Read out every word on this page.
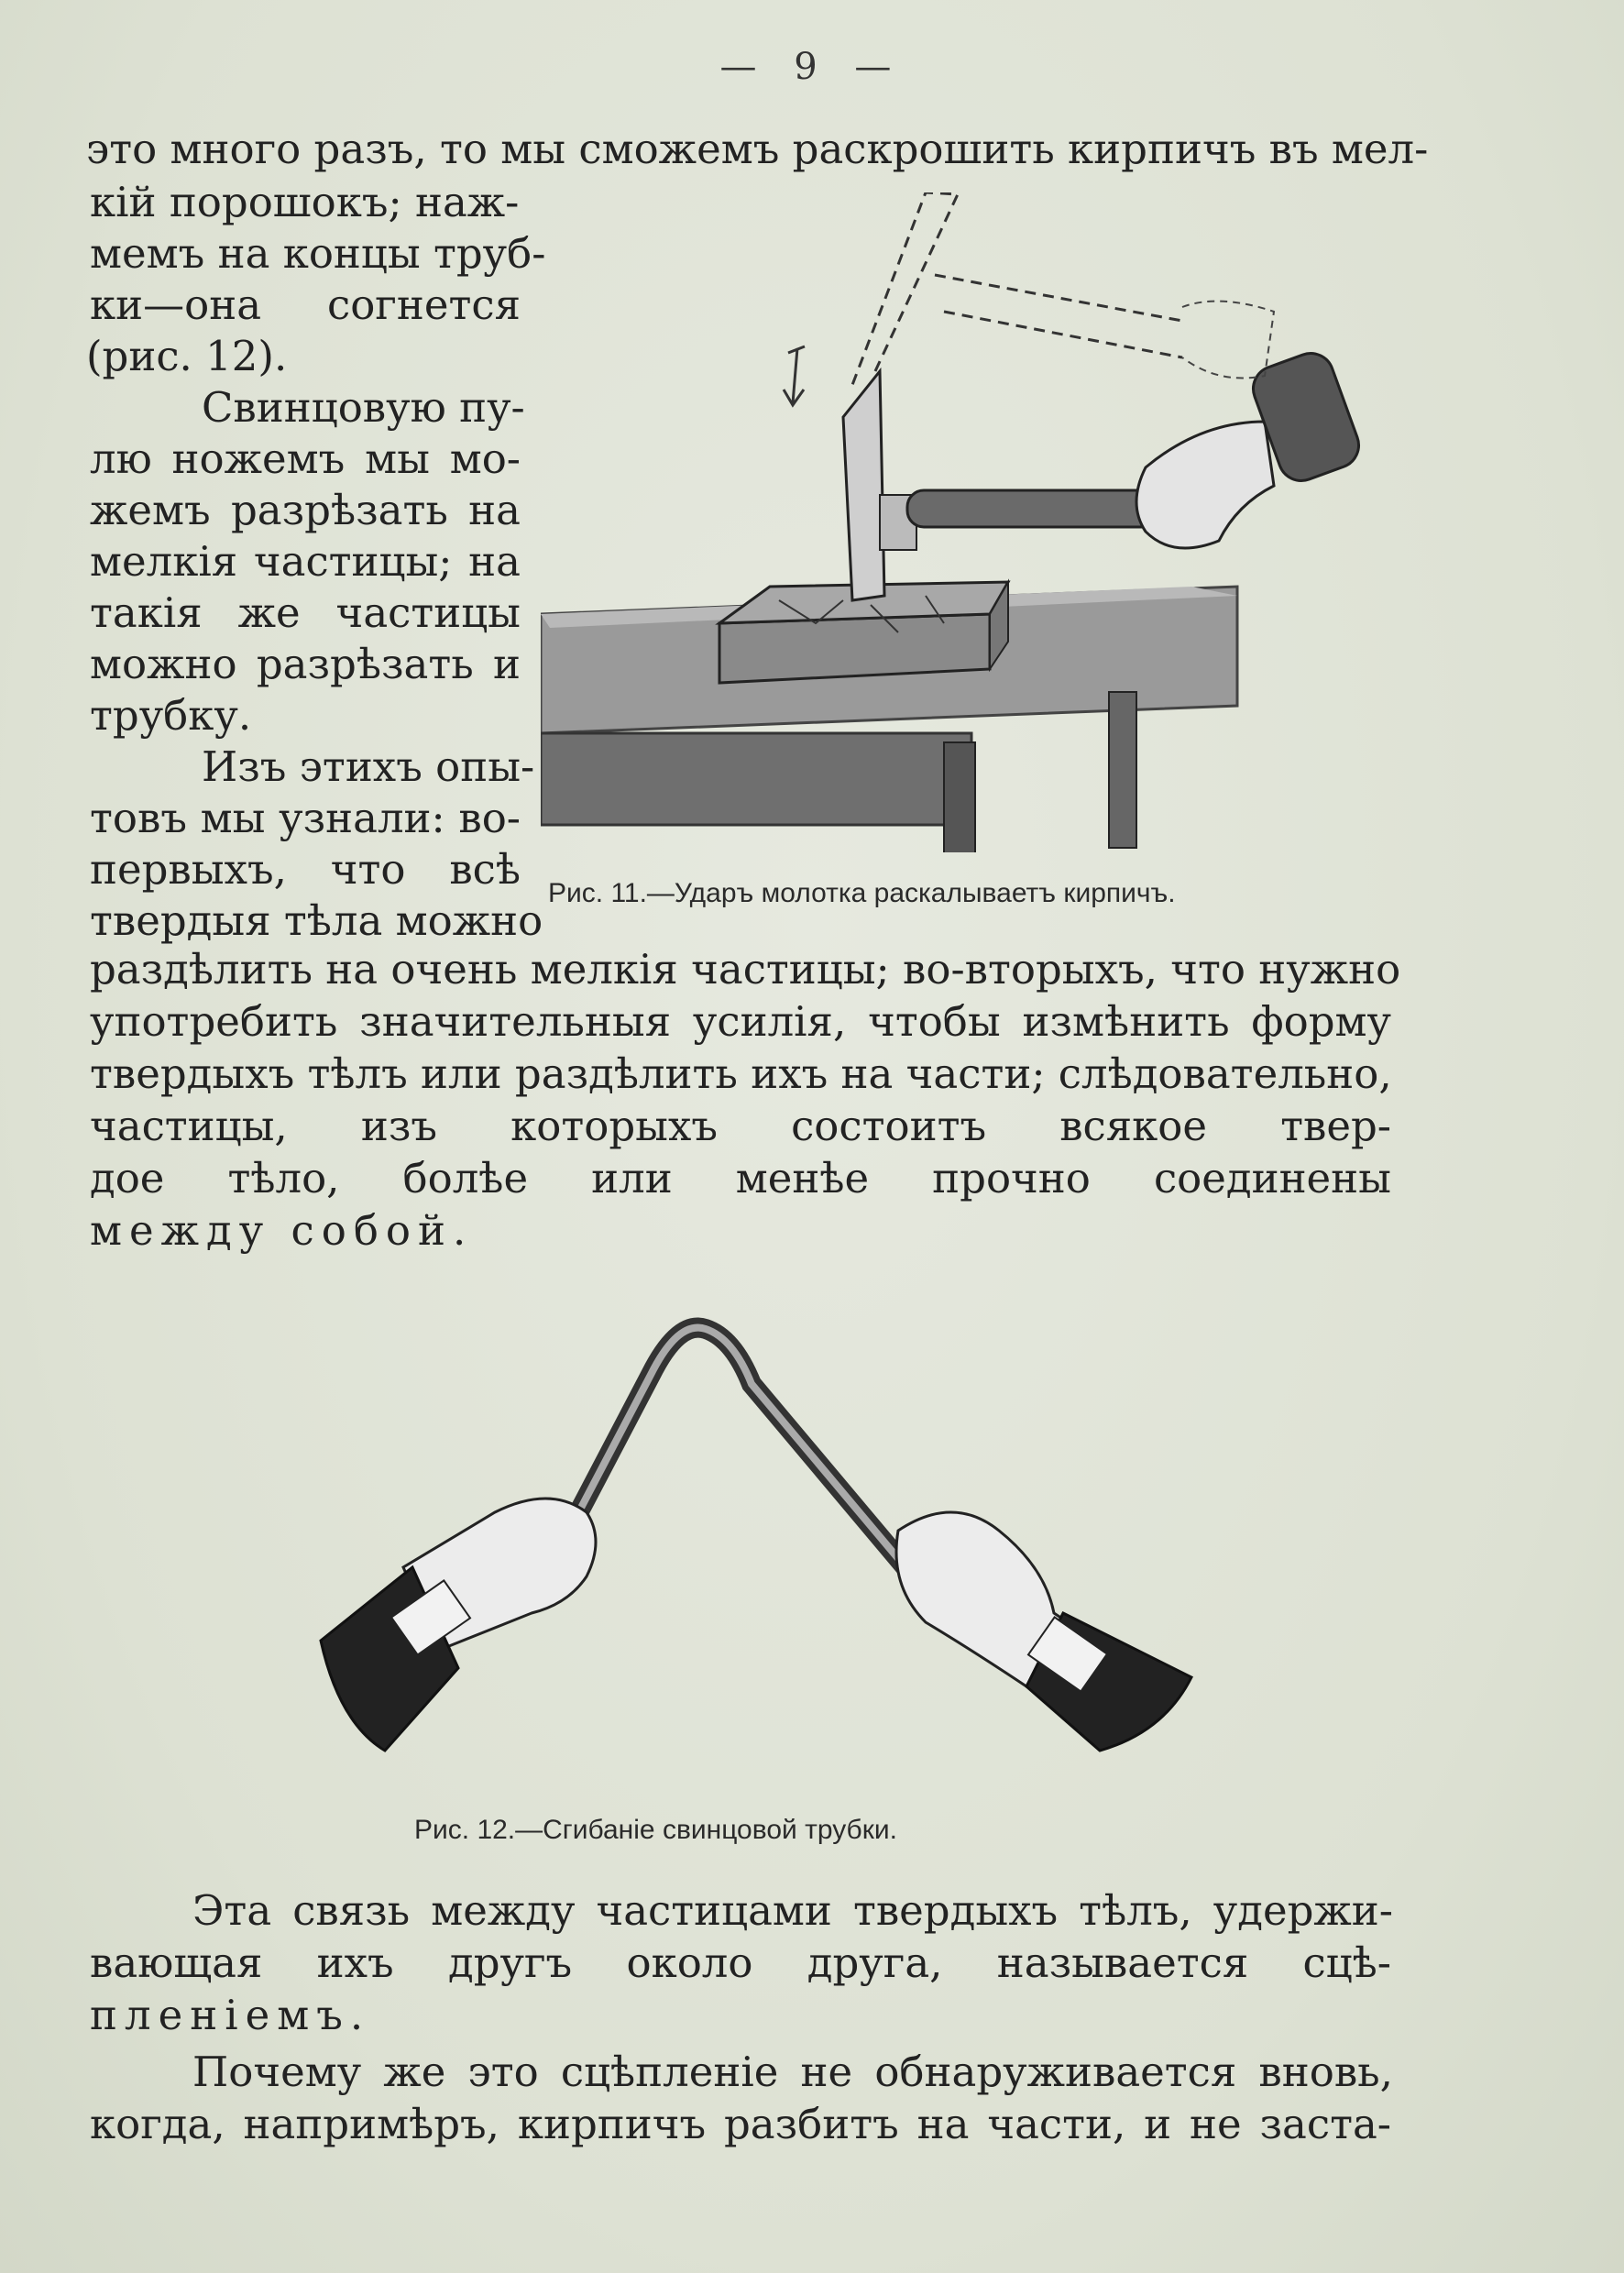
— 9 —
это много разъ, то мы сможемъ раскрошить кирпичъ въ мел-
кій порошокъ; наж-
мемъ на концы труб-
ки—она согнется
(рис. 12).
Свинцовую пу-
лю ножемъ мы мо-
жемъ разрѣзать на
мелкія частицы; на
такія же частицы
можно разрѣзать и
трубку.
Изъ этихъ опы-
товъ мы узнали: во-
первыхъ, что всѣ
твердыя тѣла можно
Рис. 11.—Ударъ молотка раскалываетъ кирпичъ.
раздѣлить на очень мелкія частицы; во-вторыхъ, что нужно
употребить значительныя усилія, чтобы измѣнить форму
твердыхъ тѣлъ или раздѣлить ихъ на части; слѣдовательно,
частицы, изъ которыхъ состоитъ всякое твер-
дое тѣло, болѣе или менѣе прочно соединены
между собой.
Рис. 12.—Сгибаніе свинцовой трубки.
Эта связь между частицами твердыхъ тѣлъ, удержи-
вающая ихъ другъ около друга, называется сцѣ-
пленіемъ.
Почему же это сцѣпленіе не обнаруживается вновь,
когда, напримѣръ, кирпичъ разбитъ на части, и не заста-
